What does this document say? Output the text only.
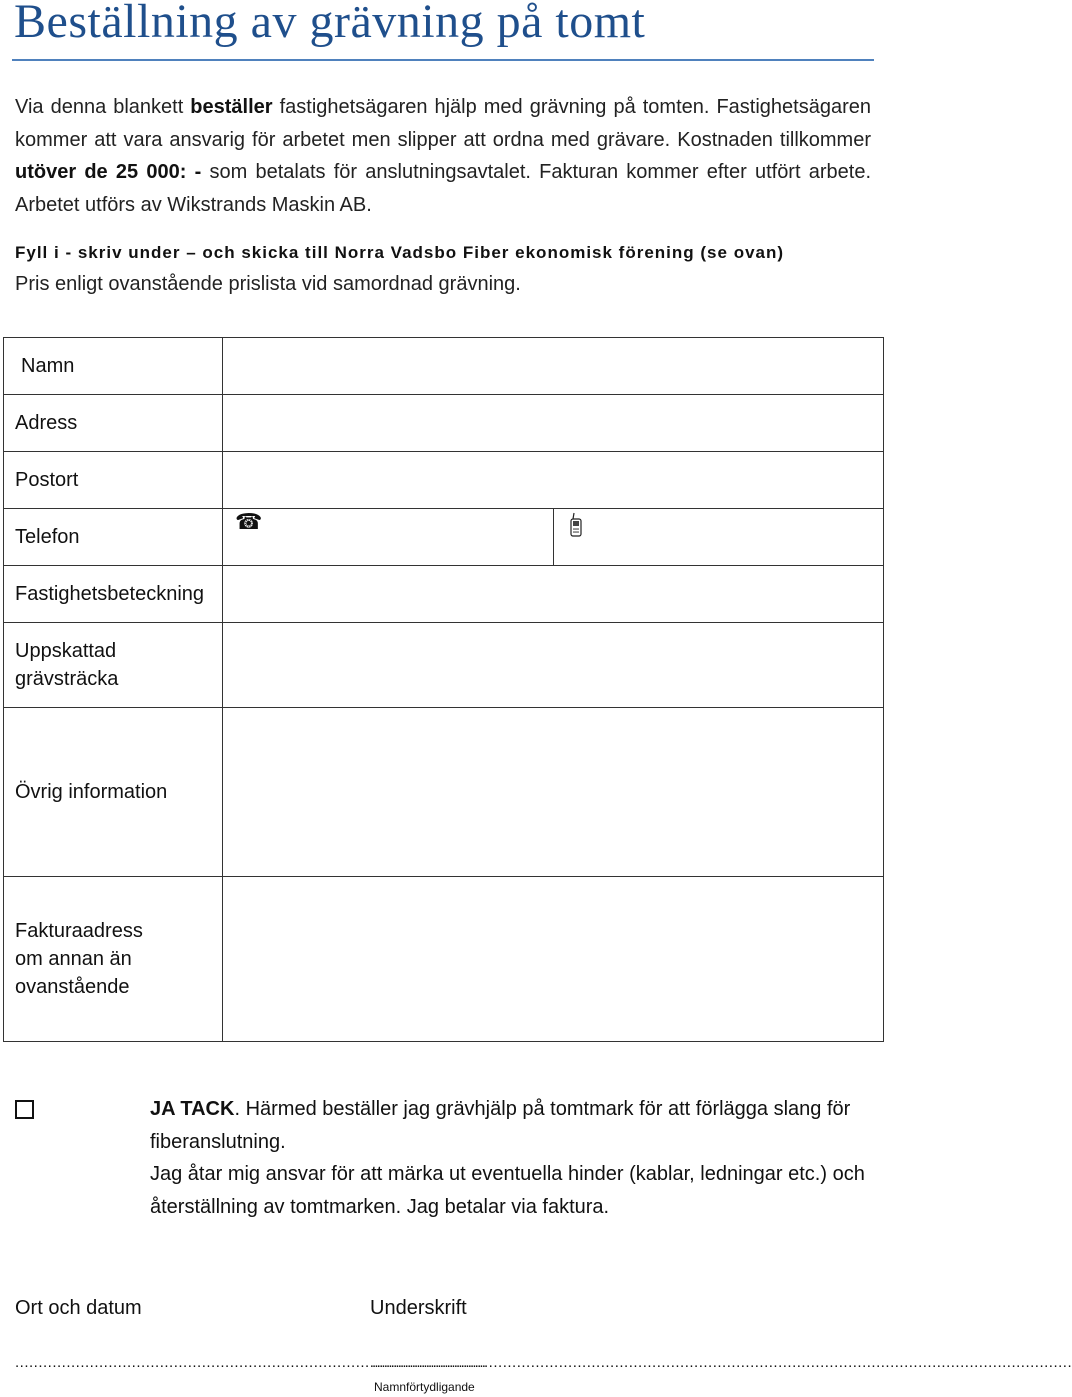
Beställning av grävning på tomt

Via denna blankett beställer fastighetsägaren hjälp med grävning på tomten. Fastighetsägaren kommer att vara ansvarig för arbetet men slipper att ordna med grävare. Kostnaden tillkommer utöver de 25 000: - som betalats för anslutningsavtalet. Fakturan kommer efter utfört arbete. Arbetet utförs av Wikstrands Maskin AB.

Fyll i - skriv under – och skicka till Norra Vadsbo Fiber ekonomisk förening (se ovan)

Pris enligt ovanstående prislista vid samordnad grävning.

Namn	
Adress	
Postort	
Telefon	☎

Fastighetsbeteckning	
Uppskattad
grävsträcka	
Övrig information	
Fakturaadress
om annan än
ovanstående	
JA TACK. Härmed beställer jag grävhjälp på tomtmark för att förlägga slang för fiberanslutning.
Jag åtar mig ansvar för att märka ut eventuella hinder (kablar, ledningar etc.) och återställning av tomtmarken. Jag betalar via faktura.
Ort och datum	Underskrift
.....................................................................................................
......................................................................................................................................................
Namnförtydligande
